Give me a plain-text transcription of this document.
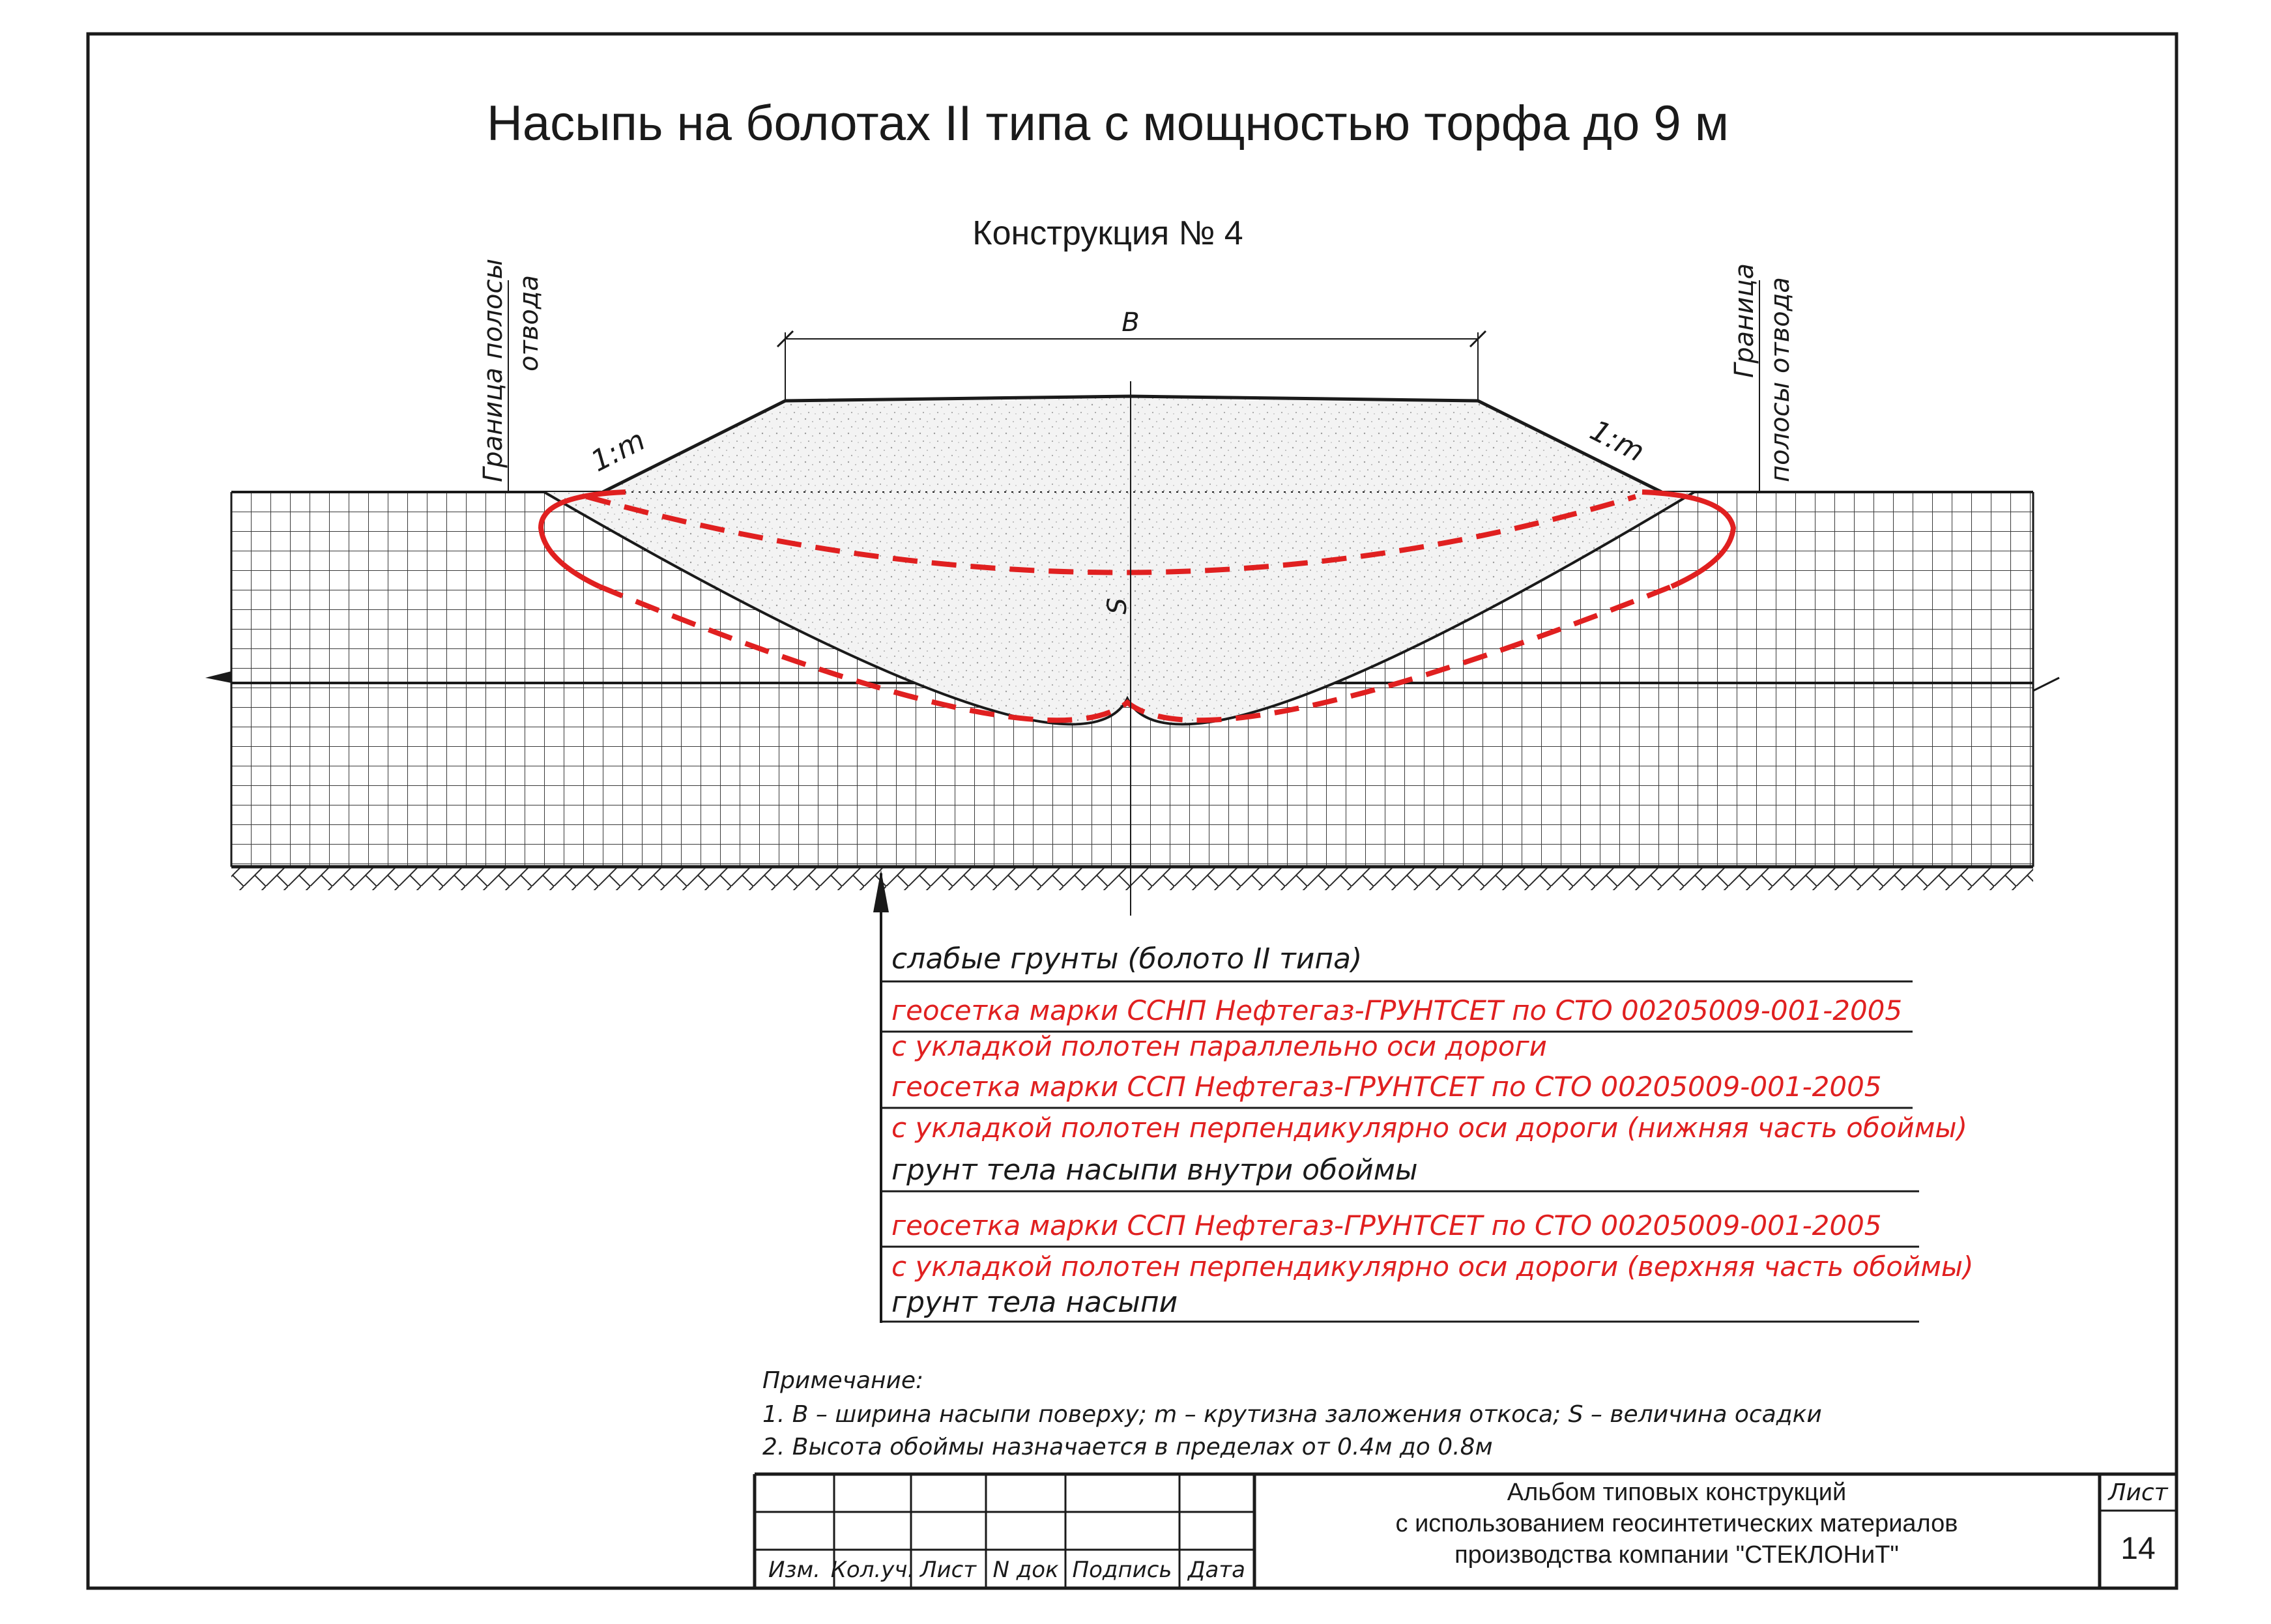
Насыпь на болотах II типа с мощностью торфа до 9 м
Конструкция № 4
B
S
1:m	1:m
Граница полосы отвода	Граница полосы отвода
слабые грунты (болото II типа)
геосетка марки ССНП Нефтегаз-ГРУНТСЕТ по СТО 00205009-001-2005
с укладкой полотен параллельно оси дороги
геосетка марки ССП Нефтегаз-ГРУНТСЕТ по СТО 00205009-001-2005
с укладкой полотен перпендикулярно оси дороги (нижняя часть обоймы)
грунт тела насыпи внутри обоймы
геосетка марки ССП Нефтегаз-ГРУНТСЕТ по СТО 00205009-001-2005
с укладкой полотен перпендикулярно оси дороги (верхняя часть обоймы)
грунт тела насыпи
Примечание:
1. B – ширина насыпи поверху; m – крутизна заложения откоса; S – величина осадки
2. Высота обоймы назначается в пределах от 0.4м до 0.8м
Изм. Кол.уч. Лист N док Подпись Дата
Альбом типовых конструкций
с использованием геосинтетических материалов
производства компании "СТЕКЛОНиТ"
Лист
14
